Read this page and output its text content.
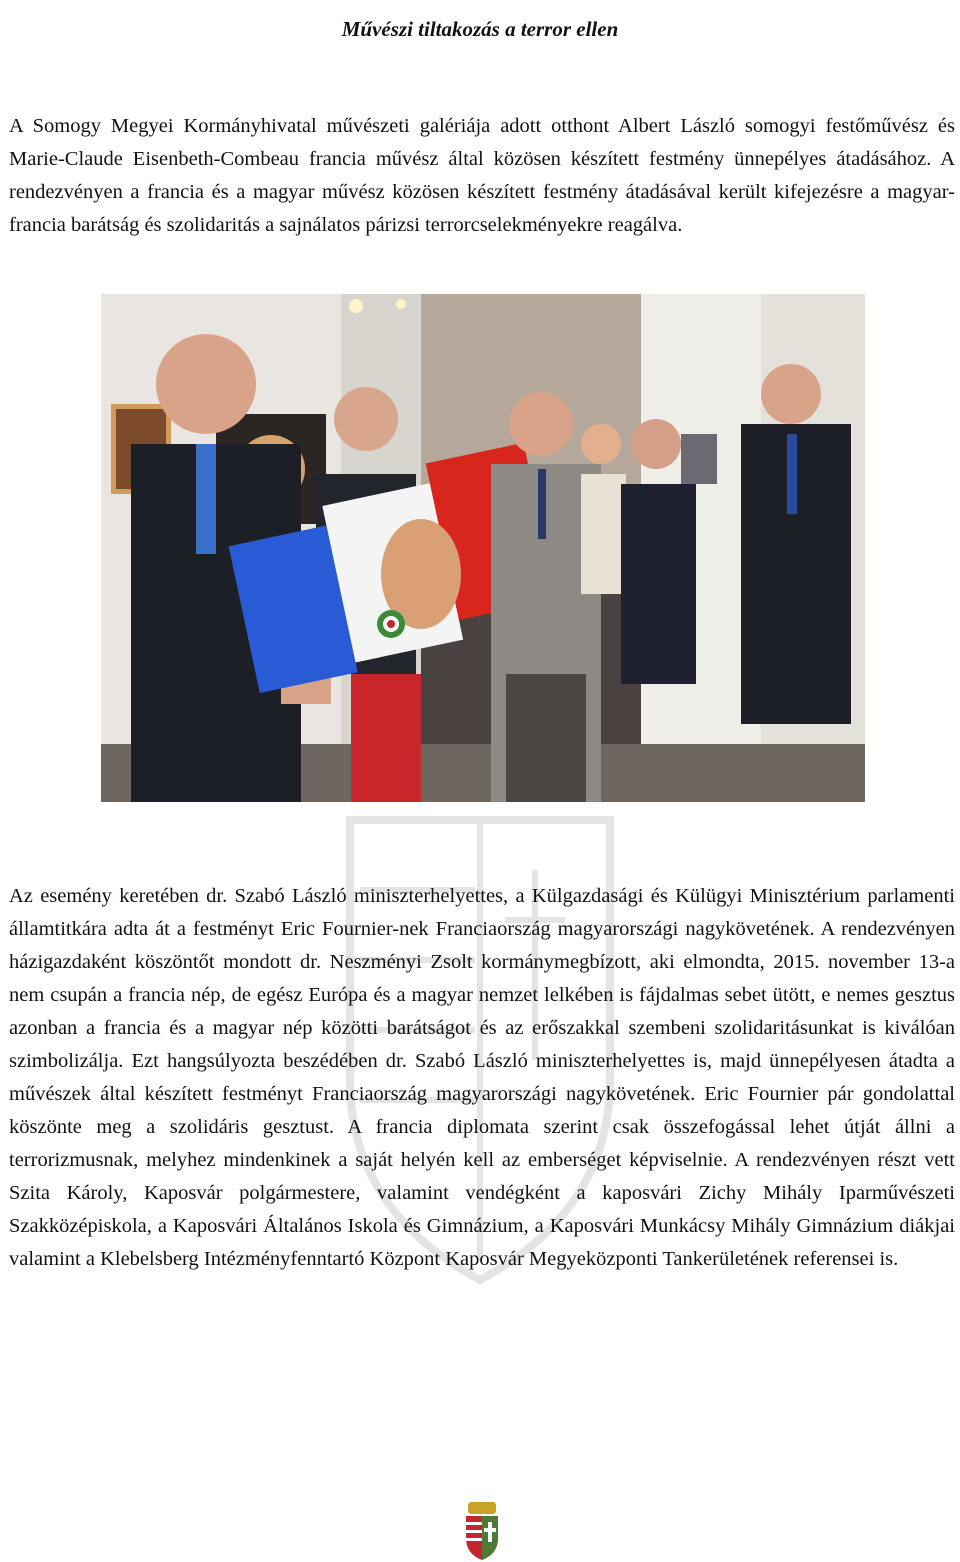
Művészi tiltakozás a terror ellen

A Somogy Megyei Kormányhivatal művészeti galériája adott otthont Albert László somogyi festőművész és Marie-Claude Eisenbeth-Combeau francia művész által közösen készített festmény ünnepélyes átadásához. A rendezvényen a francia és a magyar művész közösen készített festmény átadásával került kifejezésre a magyar-francia barátság és szolidaritás a sajnálatos párizsi terrorcselekményekre reagálva.

Az esemény keretében dr. Szabó László miniszterhelyettes, a Külgazdasági és Külügyi Minisztérium parlamenti államtitkára adta át a festményt Eric Fournier-nek Franciaország magyarországi nagykövetének. A rendezvényen házigazdaként köszöntőt mondott dr. Neszményi Zsolt kormánymegbízott, aki elmondta, 2015. november 13-a nem csupán a francia nép, de egész Európa és a magyar nemzet lelkében is fájdalmas sebet ütött, e nemes gesztus azonban a francia és a magyar nép közötti barátságot és az erőszakkal szembeni szolidaritásunkat is kiválóan szimbolizálja. Ezt hangsúlyozta beszédében dr. Szabó László miniszterhelyettes is, majd ünnepélyesen átadta a művészek által készített festményt Franciaország magyarországi nagykövetének. Eric Fournier pár gondolattal köszönte meg a szolidáris gesztust. A francia diplomata szerint csak összefogással lehet útját állni a terrorizmusnak, melyhez mindenkinek a saját helyén kell az emberséget képviselnie. A rendezvényen részt vett Szita Károly, Kaposvár polgármestere, valamint vendégként a kaposvári Zichy Mihály Iparművészeti Szakközépiskola, a Kaposvári Általános Iskola és Gimnázium, a Kaposvári Munkácsy Mihály Gimnázium diákjai valamint a Klebelsberg Intézményfenntartó Központ Kaposvár Megyeközponti Tankerületének referensei is.
